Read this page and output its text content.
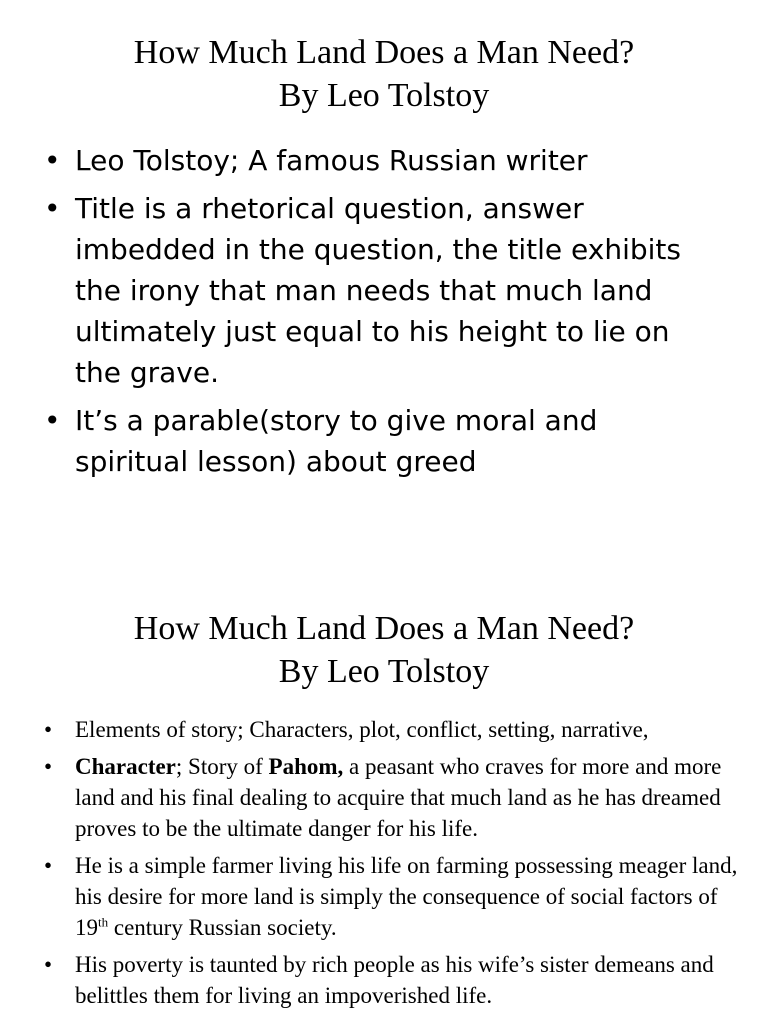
How Much Land Does a Man Need?
By Leo Tolstoy
• Leo Tolstoy; A famous Russian writer
• Title is a rhetorical question, answer imbedded in the question, the title exhibits the irony that man needs that much land ultimately just equal to his height to lie on the grave.
• It’s a parable(story to give moral and spiritual lesson) about greed
How Much Land Does a Man Need?
By Leo Tolstoy
• Elements of story; Characters, plot, conflict, setting, narrative,
• Character; Story of Pahom, a peasant who craves for more and more land and his final dealing to acquire that much land as he has dreamed proves to be the ultimate danger for his life.
• He is a simple farmer living his life on farming possessing meager land, his desire for more land is simply the consequence of social factors of 19th century Russian society.
• His poverty is taunted by rich people as his wife’s sister demeans and belittles them for living an impoverished life.
